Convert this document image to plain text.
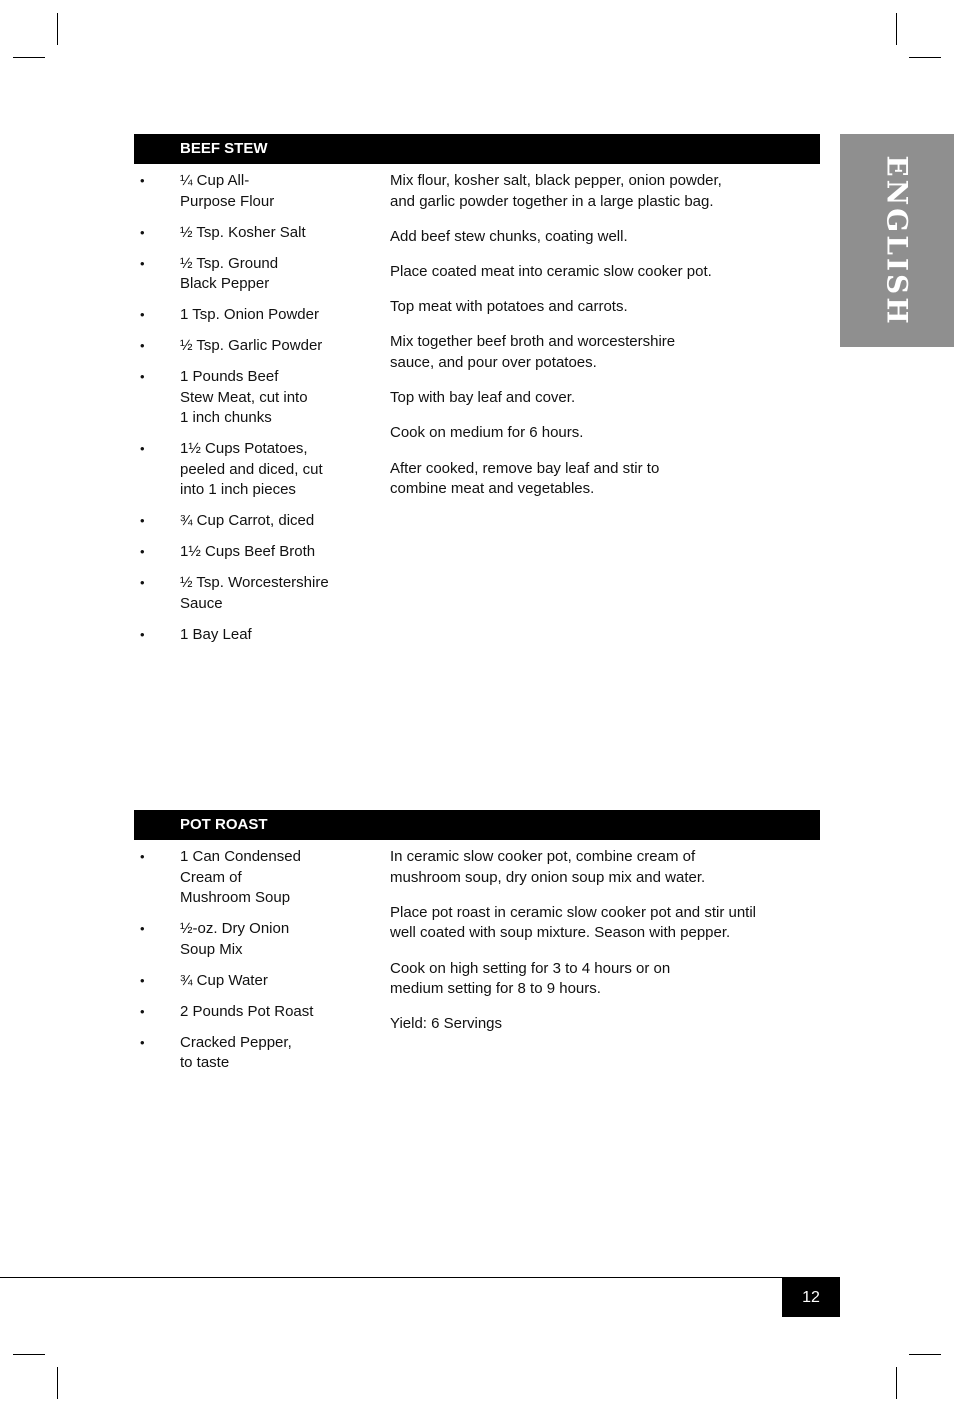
ENGLISH
BEEF STEW
• ¼ Cup All-
Purpose Flour
• ½ Tsp. Kosher Salt
• ½ Tsp. Ground
Black Pepper
• 1 Tsp. Onion Powder
• ½ Tsp. Garlic Powder
• 1 Pounds Beef
Stew Meat, cut into
1 inch chunks
• 1½ Cups Potatoes,
peeled and diced, cut
into 1 inch pieces
• ¾ Cup Carrot, diced
• 1½ Cups Beef Broth
• ½ Tsp. Worcestershire
Sauce
• 1 Bay Leaf

Mix flour, kosher salt, black pepper, onion powder,
and garlic powder together in a large plastic bag.

Add beef stew chunks, coating well.

Place coated meat into ceramic slow cooker pot.

Top meat with potatoes and carrots.

Mix together beef broth and worcestershire
sauce, and pour over potatoes.

Top with bay leaf and cover.

Cook on medium for 6 hours.

After cooked, remove bay leaf and stir to
combine meat and vegetables.

POT ROAST
• 1 Can Condensed
Cream of
Mushroom Soup
• ½-oz. Dry Onion
Soup Mix
• ¾ Cup Water
• 2 Pounds Pot Roast
• Cracked Pepper,
to taste

In ceramic slow cooker pot, combine cream of
mushroom soup, dry onion soup mix and water.

Place pot roast in ceramic slow cooker pot and stir until
well coated with soup mixture. Season with pepper.

Cook on high setting for 3 to 4 hours or on
medium setting for 8 to 9 hours.

Yield: 6 Servings

12
